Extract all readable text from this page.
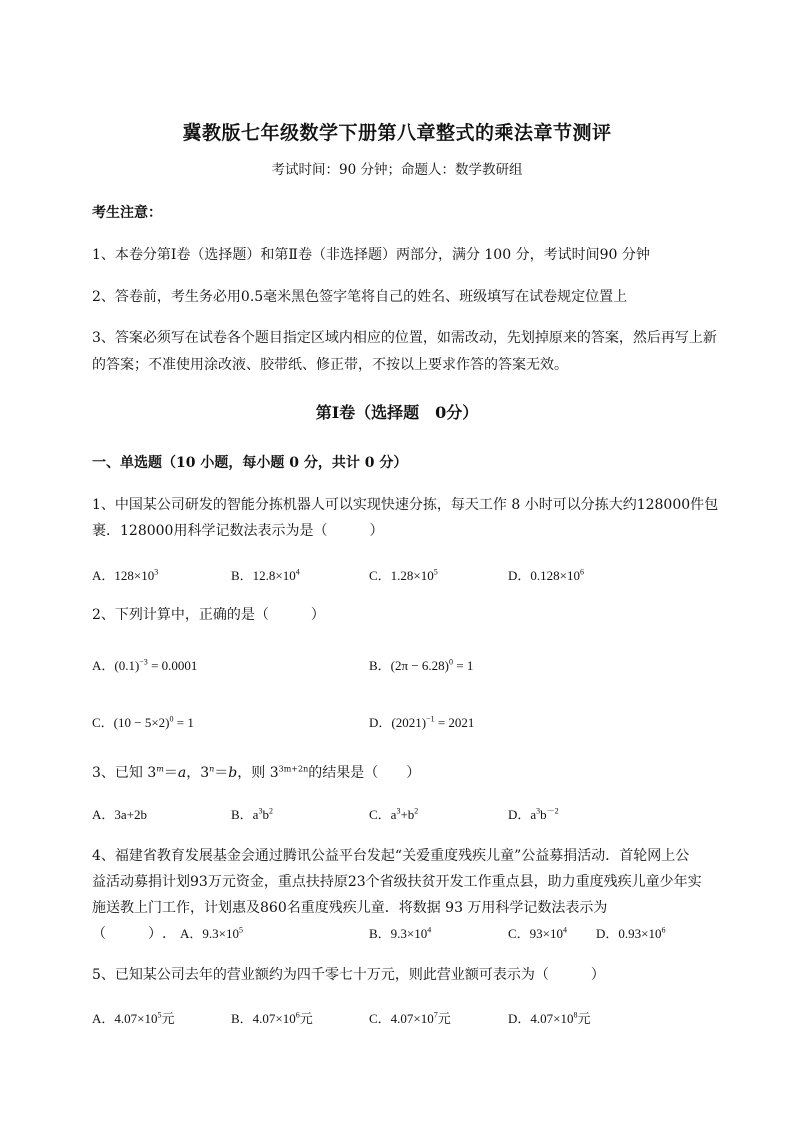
冀教版七年级数学下册第八章整式的乘法章节测评
考试时间：90 分钟；命题人：数学教研组
考生注意：
1、本卷分第Ⅰ卷（选择题）和第Ⅱ卷（非选择题）两部分，满分 100 分，考试时间90 分钟
2、答卷前，考生务必用0.5毫米黑色签字笔将自己的姓名、班级填写在试卷规定位置上
3、答案必须写在试卷各个题目指定区域内相应的位置，如需改动，先划掉原来的答案，然后再写上新
的答案；不准使用涂改液、胶带纸、修正带，不按以上要求作答的答案无效。
第Ⅰ卷（选择题　0分）
一、单选题（10 小题，每小题 0 分，共计 0 分）
1、中国某公司研发的智能分拣机器人可以实现快速分拣，每天工作 8 小时可以分拣大约128000件包
裹．128000用科学记数法表示为是（　　　）
A．$128\times 10^3$	B．$12.8\times 10^4$	C．$1.28\times 10^5$	D．$0.128\times 10^6$
2、下列计算中，正确的是（　　　）
A．$(0.1)^{-3} = 0.0001$	B．$(2\pi - 6.28)^0 = 1$
C．$(10 - 5\times 2)^0 = 1$	D．$(2021)^{-1} = 2021$
3、已知 $3^m=a$，$3^n=b$，则 $3^{3m+2n}$的结果是（　　）
A．3a+2b	B．$a^3b^2$	C．$a^3+b^2$	D．$a^3b^{-2}$
4、福建省教育发展基金会通过腾讯公益平台发起“关爱重度残疾儿童”公益募捐活动．首轮网上公
益活动募捐计划93万元资金，重点扶持原23个省级扶贫开发工作重点县，助力重度残疾儿童少年实
施送教上门工作，计划惠及860名重度残疾儿童．将数据 93 万用科学记数法表示为
（　　　）. A．$9.3\times 10^5$	B．$9.3\times 10^4$	C．$93\times 10^4$ D．$0.93\times 10^6$
5、已知某公司去年的营业额约为四千零七十万元，则此营业额可表示为（　　　）
A．$4.07\times 10^5$元	B．$4.07\times 10^6$元	C．$4.07\times 10^7$元	D．$4.07\times 10^8$元
